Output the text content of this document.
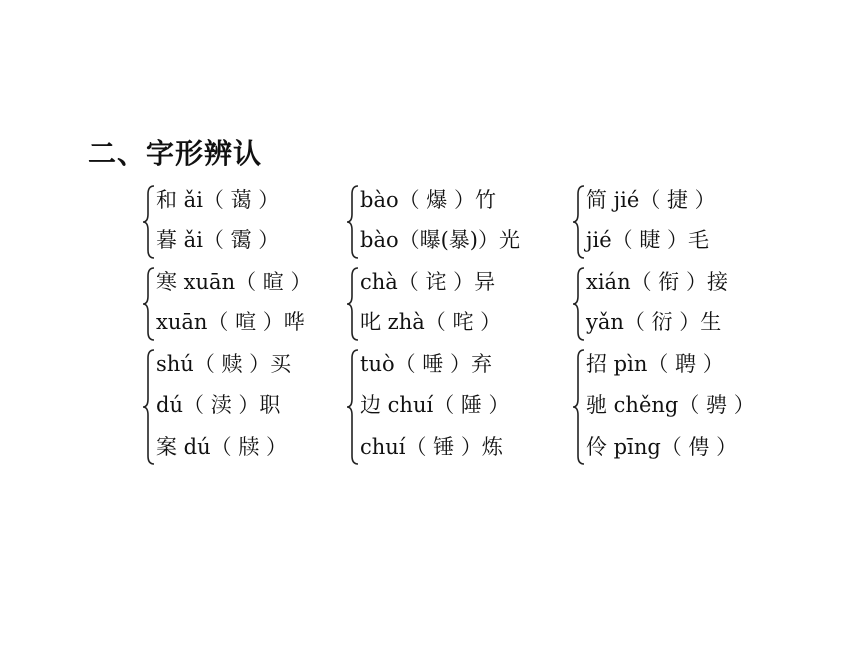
二、字形辨认
和 ǎi（ 蔼 ）
暮 ǎi（ 霭 ）
bào（ 爆 ）竹
bào（曝(暴)）光
简 jié（ 捷 ）
jié（ 睫 ）毛
寒 xuān（ 暄 ）
xuān（ 喧 ）哗
chà（ 诧 ）异
叱 zhà（ 咤 ）
xián（ 衔 ）接
yǎn（ 衍 ）生
shú（ 赎 ）买
dú（ 渎 ）职
案 dú（ 牍 ）
tuò（ 唾 ）弃
边 chuí（ 陲 ）
chuí（ 锤 ）炼
招 pìn（ 聘 ）
驰 chěng（ 骋 ）
伶 pīng（ 俜 ）
